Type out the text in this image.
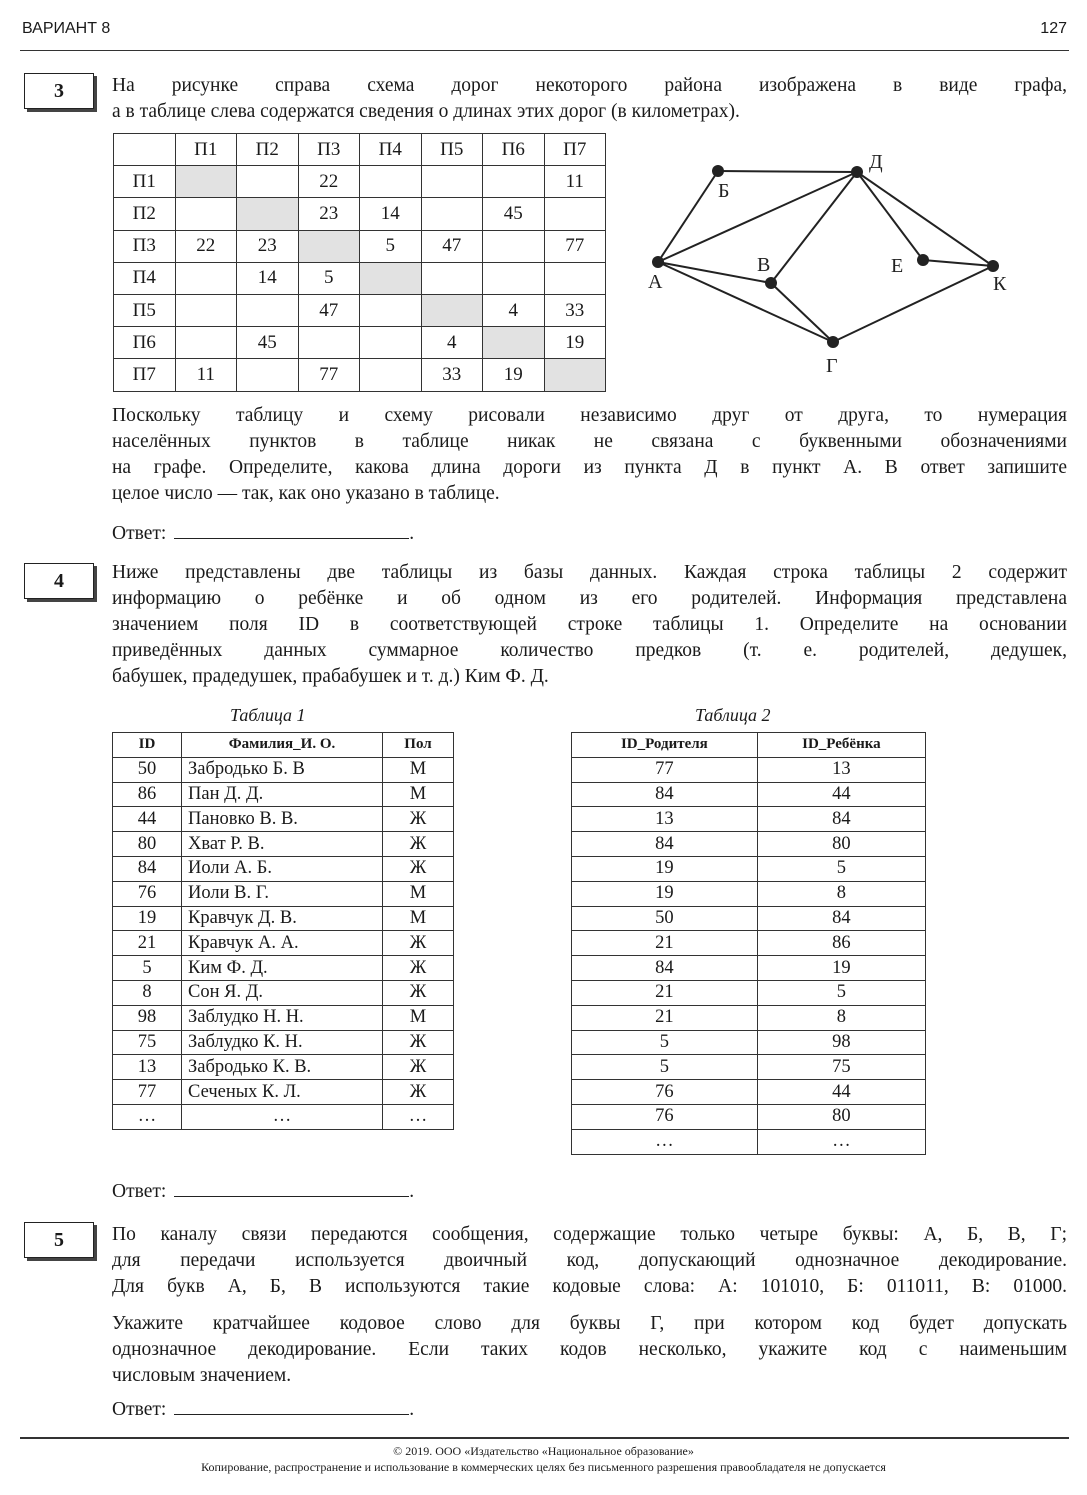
ВАРИАНТ 8	127
3	На рисунке справа схема дорог некоторого района изображена в виде графа,
а в таблице слева содержатся сведения о длинах этих дорог (в километрах).
	П1	П2	П3	П4	П5	П6	П7
П1			22				11
П2			23	14		45	
П3	22	23		5	47		77
П4		14	5				
П5			47			4	33
П6		45			4		19
П7	11		77		33	19	
А
Б
В
Г
Д
Е
К
Поскольку таблицу и схему рисовали независимо друг от друга, то нумерация
населённых пунктов в таблице никак не связана с буквенными обозначениями
на графе. Определите, какова длина дороги из пункта Д в пункт А. В ответ запишите
целое число — так, как оно указано в таблице.
Ответ:	.
4	Ниже представлены две таблицы из базы данных. Каждая строка таблицы 2 содержит
информацию о ребёнке и об одном из его родителей. Информация представлена
значением поля ID в соответствующей строке таблицы 1. Определите на основании
приведённых данных суммарное количество предков (т. е. родителей, дедушек,
бабушек, прадедушек, прабабушек и т. д.) Ким Ф. Д.
Таблица 1	Таблица 2
ID	Фамилия_И. О.	Пол
50	Забродько Б. В	М
86	Пан Д. Д.	М
44	Пановко В. В.	Ж
80	Хват Р. В.	Ж
84	Иоли А. Б.	Ж
76	Иоли В. Г.	М
19	Кравчук Д. В.	М
21	Кравчук А. А.	Ж
5	Ким Ф. Д.	Ж
8	Сон Я. Д.	Ж
98	Заблудко Н. Н.	М
75	Заблудко К. Н.	Ж
13	Забродько К. В.	Ж
77	Сеченых К. Л.	Ж
…	…	…
ID_Родителя	ID_Ребёнка
77	13
84	44
13	84
84	80
19	5
19	8
50	84
21	86
84	19
21	5
21	8
5	98
5	75
76	44
76	80
…	…
Ответ:	.
5	По каналу связи передаются сообщения, содержащие только четыре буквы: А, Б, В, Г;
для передачи используется двоичный код, допускающий однозначное декодирование.
Для букв А, Б, В используются такие кодовые слова: А: 101010, Б: 011011, В: 01000.
Укажите кратчайшее кодовое слово для буквы Г, при котором код будет допускать
однозначное декодирование. Если таких кодов несколько, укажите код с наименьшим
числовым значением.
Ответ:	.
© 2019. ООО «Издательство «Национальное образование»
Копирование, распространение и использование в коммерческих целях без письменного разрешения правообладателя не допускается
